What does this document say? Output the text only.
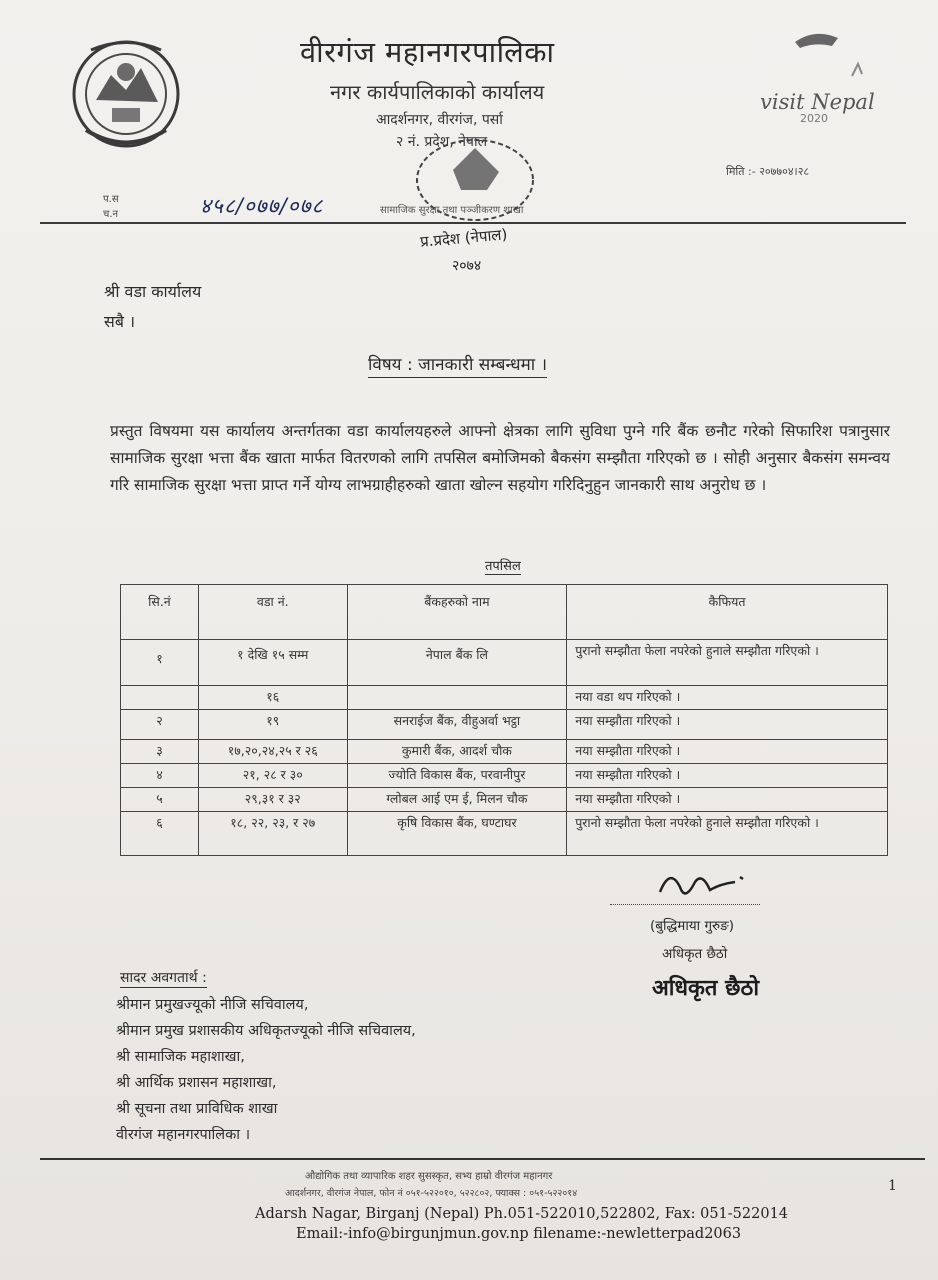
वीरगंज महानगरपालिका
नगर कार्यपालिकाको कार्यालय
आदर्शनगर, वीरगंज, पर्सा
२ नं. प्रदेश, नेपाल
visit Nepal
2020
मिति :- २०७७०४।२८
प.स
च.न	४५८/०७७/०७८	सामाजिक सुरक्षा तथा पञ्जीकरण शाखा
प्र.प्रदेश (नेपाल)
२०७४
श्री वडा कार्यालय
सबै ।
विषय : जानकारी सम्बन्धमा ।
प्रस्तुत विषयमा यस कार्यालय अन्तर्गतका वडा कार्यालयहरुले आफ्नो क्षेत्रका लागि सुविधा पुग्ने गरि बैंक छनौट गरेको सिफारिश पत्रानुसार सामाजिक सुरक्षा भत्ता बैंक खाता मार्फत वितरणको लागि तपसिल बमोजिमको बैकसंग सम्झौता गरिएको छ । सोही अनुसार बैकसंग समन्वय गरि सामाजिक सुरक्षा भत्ता प्राप्त गर्ने योग्य लाभग्राहीहरुको खाता खोल्न सहयोग गरिदिनुहुन जानकारी साथ अनुरोध छ ।
तपसिल
सि.नं	वडा नं.	बैंकहरुको नाम	कैफियत
१	१ देखि १५ सम्म	नेपाल बैंक लि	पुरानो सम्झौता फेला नपरेको हुनाले सम्झौता गरिएको ।
	१६		नया वडा थप गरिएको ।
२	१९	सनराईज बैंक, वीहुअर्वा भट्ठा	नया सम्झौता गरिएको ।
३	१७,२०,२४,२५ र २६	कुमारी बैंक, आदर्श चौक	नया सम्झौता गरिएको ।
४	२१, २८ र ३०	ज्योति विकास बैंक, परवानीपुर	नया सम्झौता गरिएको ।
५	२९,३१ र ३२	ग्लोबल आई एम ई, मिलन चौक	नया सम्झौता गरिएको ।
६	१८, २२, २३, र २७	कृषि विकास बैंक, घण्टाघर	पुरानो सम्झौता फेला नपरेको हुनाले सम्झौता गरिएको ।
(बुद्धिमाया गुरुङ)
अधिकृत छैठो
अधिकृत छैठो
सादर अवगतार्थ :
श्रीमान प्रमुखज्यूको नीजि सचिवालय,
श्रीमान प्रमुख प्रशासकीय अधिकृतज्यूको नीजि सचिवालय,
श्री सामाजिक महाशाखा,
श्री आर्थिक प्रशासन महाशाखा,
श्री सूचना तथा प्राविधिक शाखा
वीरगंज महानगरपालिका ।
औद्योगिक तथा व्यापारिक शहर सुसस्कृत, सभ्य हाम्रो वीरगंज महानगर
आदर्शनगर, वीरगंज नेपाल, फोन नं ०५१-५२२०१०, ५२२८०२, फ्याक्स : ०५१-५२२०१४
Adarsh Nagar, Birganj (Nepal) Ph.051-522010,522802, Fax: 051-522014
Email:-info@birgunjmun.gov.np filename:-newletterpad2063
1
